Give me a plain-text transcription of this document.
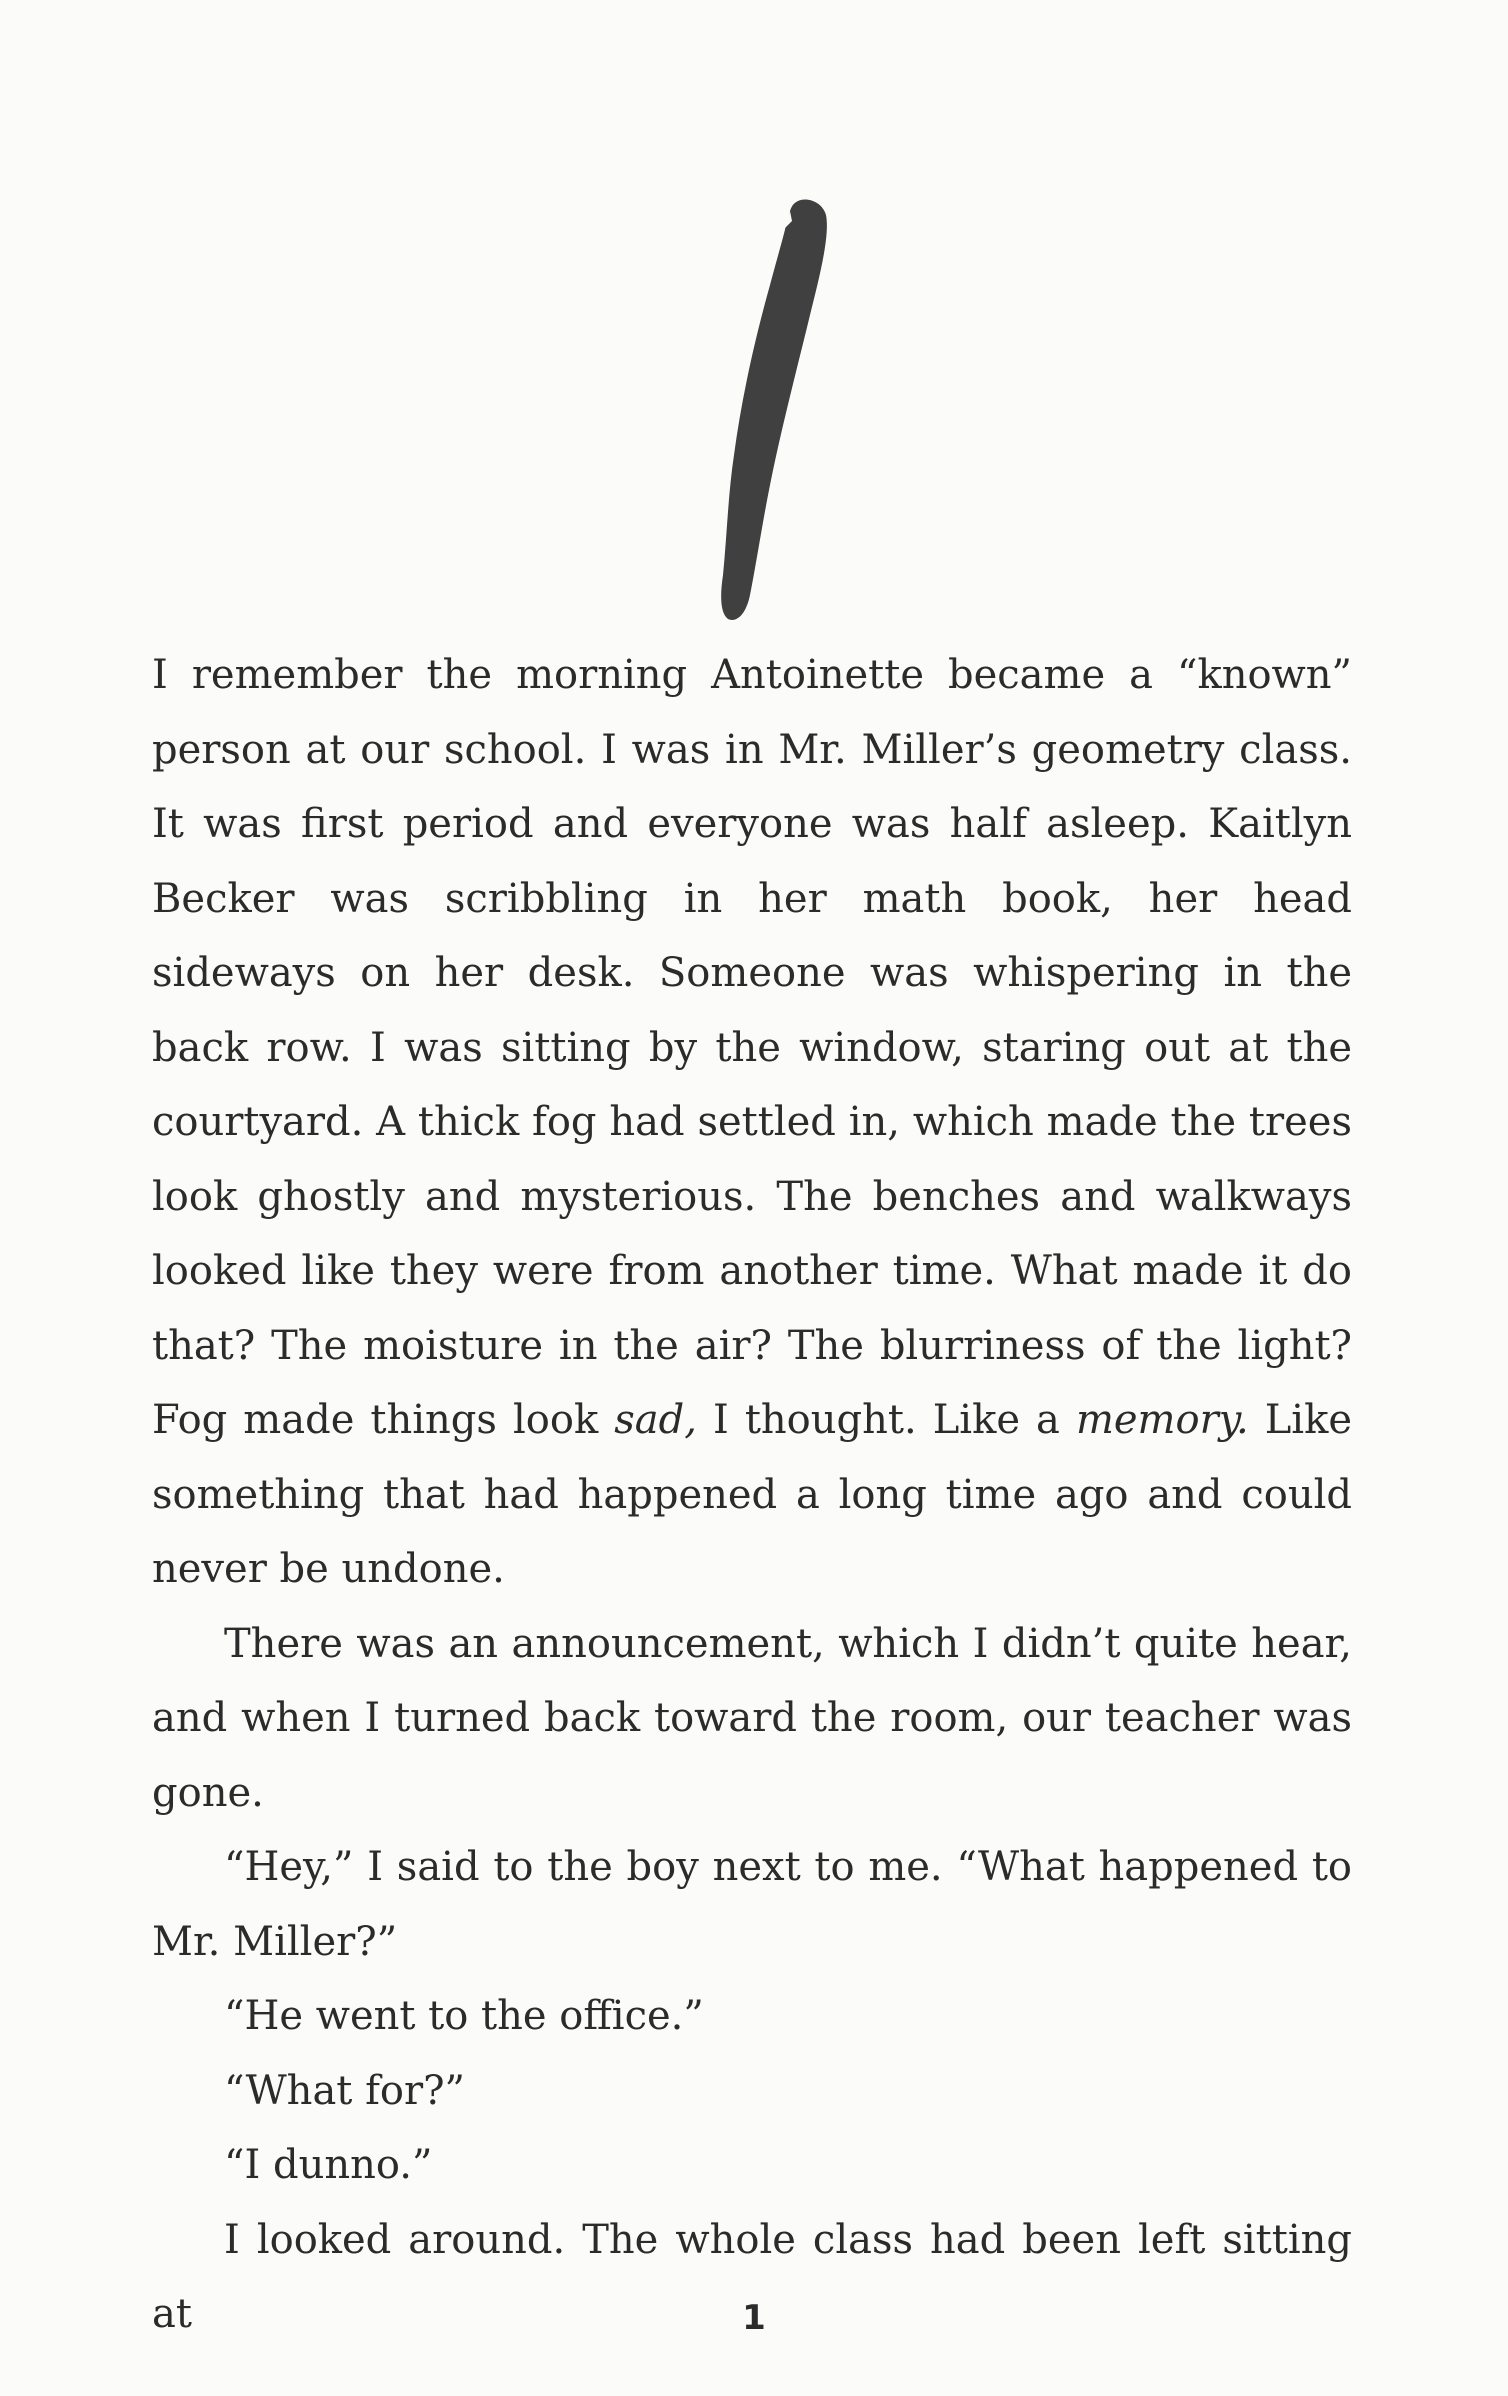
I remember the morning Antoinette became a “known” person at our school. I was in Mr. Miller’s geometry class. It was first period and everyone was half asleep. Kaitlyn Becker was scribbling in her math book, her head sideways on her desk. Someone was whispering in the back row. I was sitting by the window, staring out at the courtyard. A thick fog had settled in, which made the trees look ghostly and mysterious. The benches and walkways looked like they were from another time. What made it do that? The moisture in the air? The blurriness of the light? Fog made things look sad, I thought. Like a memory. Like something that had happened a long time ago and could never be undone.

There was an announcement, which I didn’t quite hear, and when I turned back toward the room, our teacher was gone.

“Hey,” I said to the boy next to me. “What happened to Mr. Miller?”

“He went to the office.”

“What for?”

“I dunno.”

I looked around. The whole class had been left sitting at	1
